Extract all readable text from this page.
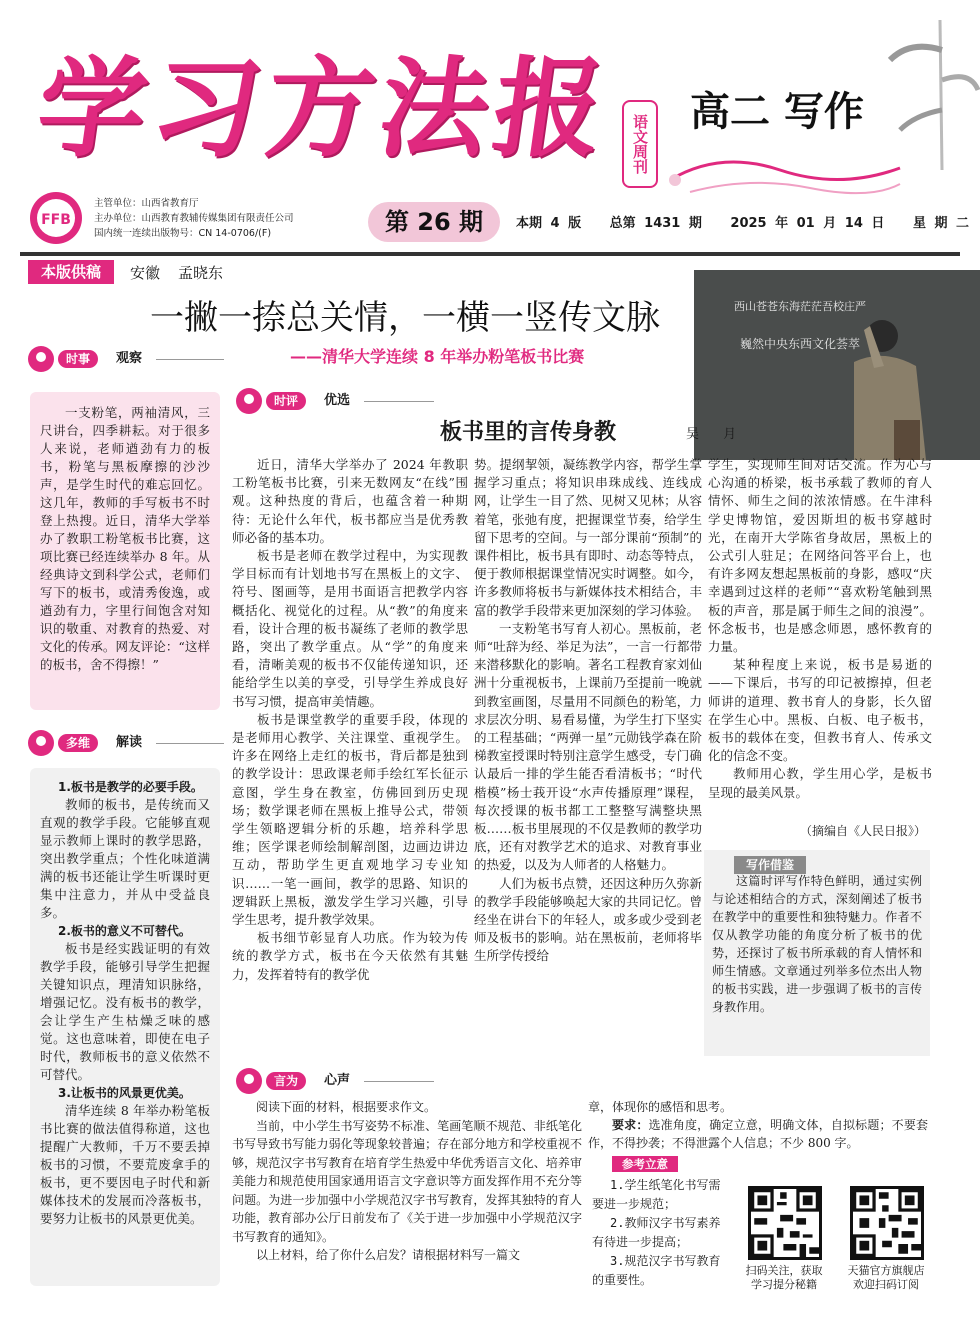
学习方法报 语文周刊
高二 写作
FFB
主管单位：山西省教育厅
主办单位：山西教育教辅传媒集团有限责任公司
国内统一连续出版物号：CN 14-0706/(F)	第 26 期	本期 4 版 总第 1431 期 2025 年 01 月 14 日 星 期 二
本版供稿	安徽 孟晓东
一撇一捺总关情，一横一竖传文脉
——清华大学连续 8 年举办粉笔板书比赛
西山苍苍东海茫茫吾校庄严
巍然中央东西文化荟萃
时事	观察
一支粉笔，两袖清风，三尺讲台，四季耕耘。对于很多人来说，老师遒劲有力的板书，粉笔与黑板摩擦的沙沙声，是学生时代的难忘回忆。这几年，教师的手写板书不时登上热搜。近日，清华大学举办了教职工粉笔板书比赛，这项比赛已经连续举办 8 年。从经典诗文到科学公式，老师们写下的板书，或清秀俊逸，或遒劲有力，字里行间饱含对知识的敬重、对教育的热爱、对文化的传承。网友评论：“这样的板书，舍不得擦！”
多维	解读
1.板书是教学的必要手段。
教师的板书，是传统而又直观的教学手段。它能够直观显示教师上课时的教学思路，突出教学重点；个性化味道满满的板书还能让学生听课时更集中注意力，并从中受益良多。
2.板书的意义不可替代。
板书是经实践证明的有效教学手段，能够引导学生把握关键知识点，理清知识脉络，增强记忆。没有板书的教学，会让学生产生枯燥乏味的感觉。这也意味着，即使在电子时代，教师板书的意义依然不可替代。
3.让板书的风景更优美。
清华连续 8 年举办粉笔板书比赛的做法值得称道，这也提醒广大教师，千万不要丢掉板书的习惯，不要荒废拿手的板书，更不要因电子时代和新媒体技术的发展而冷落板书，要努力让板书的风景更优美。
时评	优选
板书里的言传身教	吴 月

近日，清华大学举办了 2024 年教职工粉笔板书比赛，引来无数网友“在线”围观。这种热度的背后，也蕴含着一种期待：无论什么年代，板书都应当是优秀教师必备的基本功。

板书是老师在教学过程中，为实现教学目标而有计划地书写在黑板上的文字、符号、图画等，是用书面语言把教学内容概括化、视觉化的过程。从“教”的角度来看，设计合理的板书凝练了老师的教学思路，突出了教学重点。从“学”的角度来看，清晰美观的板书不仅能传递知识，还能给学生以美的享受，引导学生养成良好书写习惯，提高审美情趣。

板书是课堂教学的重要手段，体现的是老师用心教学、关注课堂、重视学生。许多在网络上走红的板书，背后都是独到的教学设计：思政课老师手绘红军长征示意图，学生身在教室，仿佛回到历史现场；数学课老师在黑板上推导公式，带领学生领略逻辑分析的乐趣，培养科学思维；医学课老师绘制解剖图，边画边讲边互动，帮助学生更直观地学习专业知识……一笔一画间，教学的思路、知识的逻辑跃上黑板，激发学生学习兴趣，引导学生思考，提升教学效果。

板书细节彰显育人功底。作为较为传统的教学方式，板书在今天依然有其魅力，发挥着特有的教学优

势。提纲挈领，凝练教学内容，帮学生掌握学习重点；将知识串珠成线、连线成网，让学生一目了然、见树又见林；从容着笔，张弛有度，把握课堂节奏，给学生留下思考的空间。与一部分课前“预制”的课件相比，板书具有即时、动态等特点，便于教师根据课堂情况实时调整。如今，许多教师将板书与新媒体技术相结合，丰富的教学手段带来更加深刻的学习体验。

一支粉笔书写育人初心。黑板前，老师“吐辞为经、举足为法”，一言一行都带来潜移默化的影响。著名工程教育家刘仙洲十分重视板书，上课前乃至提前一晚就到教室画图，尽量用不同颜色的粉笔，力求层次分明、易看易懂，为学生打下坚实的工程基础；“两弹一星”元勋钱学森在阶梯教室授课时特别注意学生感受，专门确认最后一排的学生能否看清板书；“时代楷模”杨士莪开设“水声传播原理”课程，每次授课的板书都工工整整写满整块黑板……板书里展现的不仅是教师的教学功底，还有对教学艺术的追求、对教育事业的热爱，以及为人师者的人格魅力。

人们为板书点赞，还因这种历久弥新的教学手段能够唤起大家的共同记忆。曾经坐在讲台下的年轻人，或多或少受到老师及板书的影响。站在黑板前，老师将毕生所学传授给

学生，实现师生间对话交流。作为心与心沟通的桥梁，板书承载了教师的育人情怀、师生之间的浓浓情感。在牛津科学史博物馆，爱因斯坦的板书穿越时光，在南开大学陈省身故居，黑板上的公式引人驻足；在网络问答平台上，也有许多网友想起黑板前的身影，感叹“庆幸遇到过这样的老师”“喜欢粉笔触到黑板的声音，那是属于师生之间的浪漫”。怀念板书，也是感念师恩，感怀教育的力量。

某种程度上来说，板书是易逝的——下课后，书写的印记被擦掉，但老师讲的道理、教书育人的身影，长久留在学生心中。黑板、白板、电子板书，板书的载体在变，但教书育人、传承文化的信念不变。

教师用心教，学生用心学，是板书呈现的最美风景。

（摘编自《人民日报》）
这篇时评写作特色鲜明，通过实例与论述相结合的方式，深刻阐述了板书在教学中的重要性和独特魅力。作者不仅从教学功能的角度分析了板书的优势，还探讨了板书所承载的育人情怀和师生情感。文章通过列举多位杰出人物的板书实践，进一步强调了板书的言传身教作用。
写作借鉴
言为	心声

阅读下面的材料，根据要求作文。

当前，中小学生书写姿势不标准、笔画笔顺不规范、非纸笔化书写导致书写能力弱化等现象较普遍；存在部分地方和学校重视不够，规范汉字书写教育在培育学生热爱中华优秀语言文化、培养审美能力和规范使用国家通用语言文字意识等方面发挥作用不充分等问题。为进一步加强中小学规范汉字书写教育，发挥其独特的育人功能，教育部办公厅日前发布了《关于进一步加强中小学规范汉字书写教育的通知》。

以上材料，给了你什么启发？请根据材料写一篇文

章，体现你的感悟和思考。
要求：选准角度，确定立意，明确文体，自拟标题；不要套作，不得抄袭；不得泄露个人信息；不少 800 字。
参考立意
1.学生纸笔化书写需要进一步规范；
2.教师汉字书写素养有待进一步提高；
3.规范汉字书写教育的重要性。
扫码关注，获取
学习提分秘籍
天猫官方旗舰店
欢迎扫码订阅
